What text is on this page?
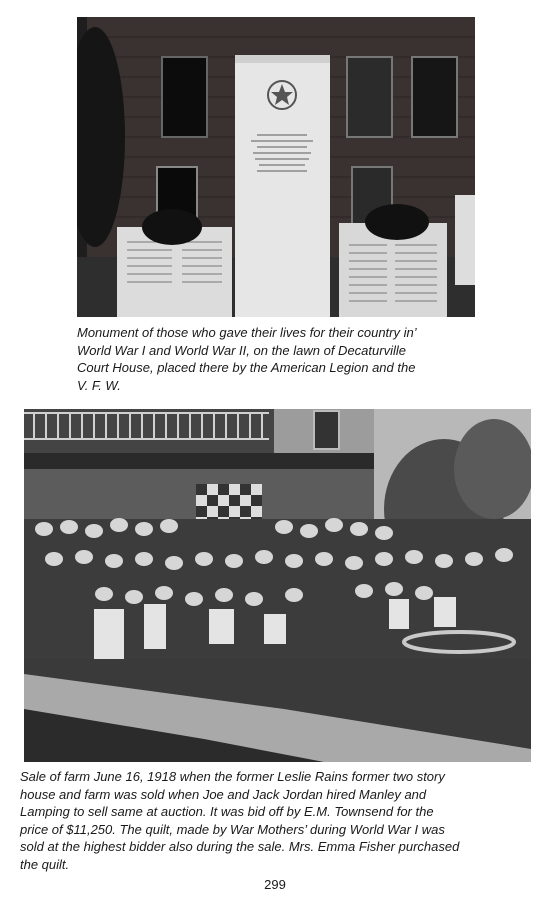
Monument of those who gave their lives for their country in’
World War I and World War II, on the lawn of Decaturville
Court House, placed there by the American Legion and the
V. F. W.

Sale of farm June 16, 1918 when the former Leslie Rains former two story
house and farm was sold when Joe and Jack Jordan hired Manley and
Lamping to sell same at auction. It was bid off by E.M. Townsend for the
price of $11,250. The quilt, made by War Mothers’ during World War I was
sold at the highest bidder also during the sale. Mrs. Emma Fisher purchased
the quilt.

299
